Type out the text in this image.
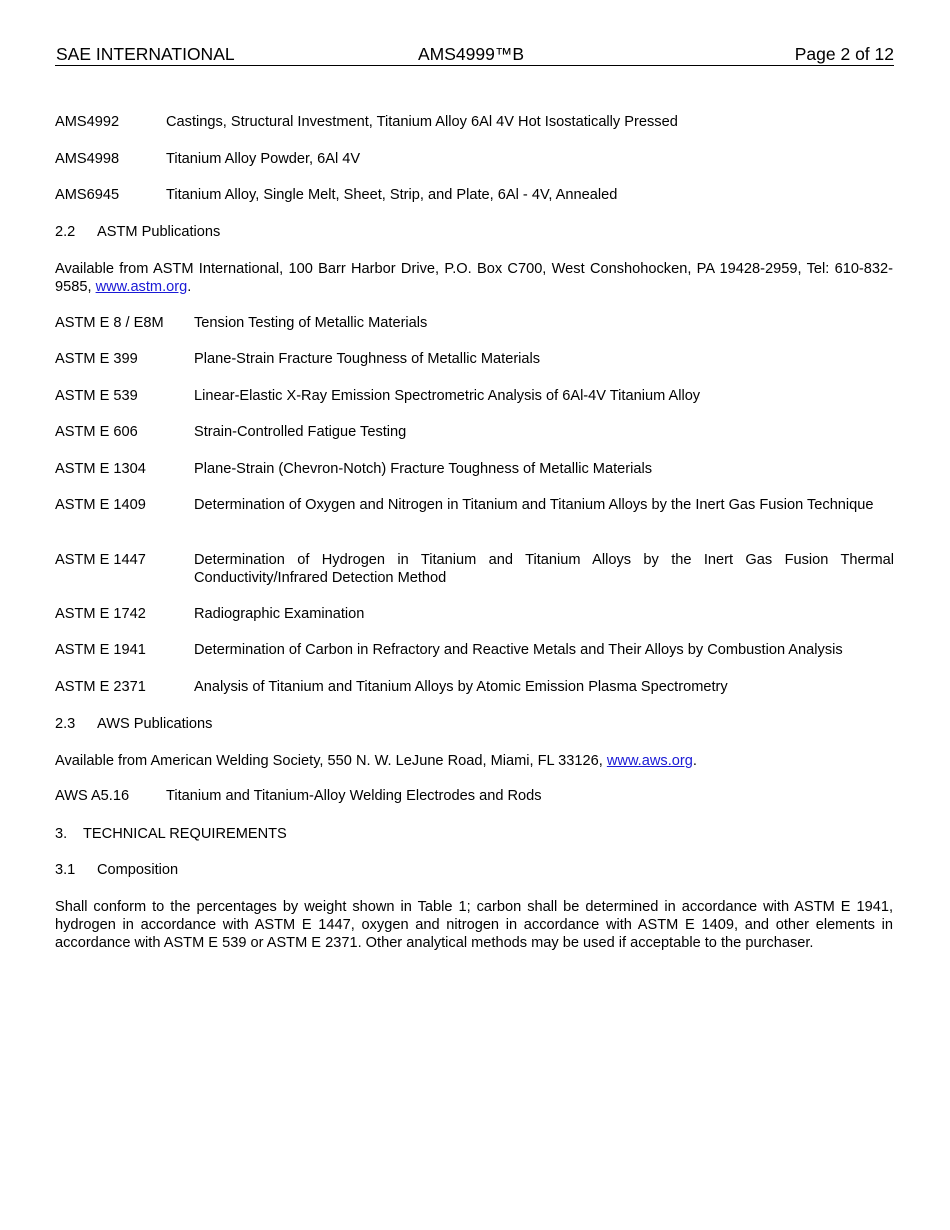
SAE INTERNATIONAL	AMS4999™B	Page 2 of 12
AMS4992	Castings, Structural Investment, Titanium Alloy 6Al 4V Hot Isostatically Pressed
AMS4998	Titanium Alloy Powder, 6Al 4V
AMS6945	Titanium Alloy, Single Melt, Sheet, Strip, and Plate, 6Al - 4V, Annealed
2.2 ASTM Publications

Available from ASTM International, 100 Barr Harbor Drive, P.O. Box C700, West Conshohocken, PA 19428-2959, Tel: 610-832-9585, www.astm.org.

ASTM E 8 / E8M Tension Testing of Metallic Materials
ASTM E 399	Plane-Strain Fracture Toughness of Metallic Materials
ASTM E 539	Linear-Elastic X-Ray Emission Spectrometric Analysis of 6Al-4V Titanium Alloy
ASTM E 606	Strain-Controlled Fatigue Testing
ASTM E 1304	Plane-Strain (Chevron-Notch) Fracture Toughness of Metallic Materials
ASTM E 1409	Determination of Oxygen and Nitrogen in Titanium and Titanium Alloys by the Inert Gas Fusion Technique
ASTM E 1447	Determination of Hydrogen in Titanium and Titanium Alloys by the Inert Gas Fusion Thermal Conductivity/Infrared Detection Method
ASTM E 1742	Radiographic Examination
ASTM E 1941	Determination of Carbon in Refractory and Reactive Metals and Their Alloys by Combustion Analysis
ASTM E 2371	Analysis of Titanium and Titanium Alloys by Atomic Emission Plasma Spectrometry
2.3 AWS Publications

Available from American Welding Society, 550 N. W. LeJune Road, Miami, FL 33126, www.aws.org.

AWS A5.16	Titanium and Titanium-Alloy Welding Electrodes and Rods
3. TECHNICAL REQUIREMENTS
3.1 Composition

Shall conform to the percentages by weight shown in Table 1; carbon shall be determined in accordance with ASTM E 1941, hydrogen in accordance with ASTM E 1447, oxygen and nitrogen in accordance with ASTM E 1409, and other elements in accordance with ASTM E 539 or ASTM E 2371. Other analytical methods may be used if acceptable to the purchaser.
